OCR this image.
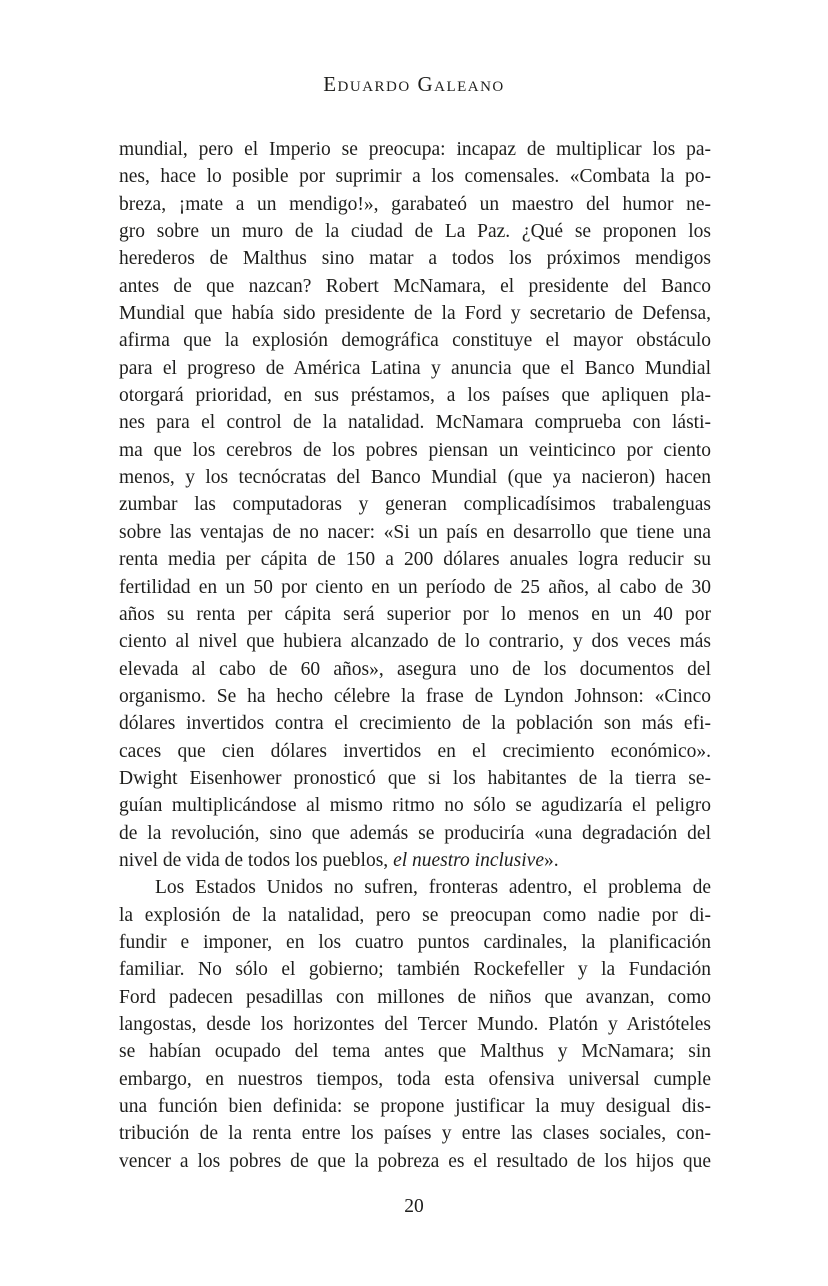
Eduardo Galeano
mundial, pero el Imperio se preocupa: incapaz de multiplicar los pa-
nes, hace lo posible por suprimir a los comensales. «Combata la po-
breza, ¡mate a un mendigo!», garabateó un maestro del humor ne-
gro sobre un muro de la ciudad de La Paz. ¿Qué se proponen los
herederos de Malthus sino matar a todos los próximos mendigos
antes de que nazcan? Robert McNamara, el presidente del Banco
Mundial que había sido presidente de la Ford y secretario de Defensa,
afirma que la explosión demográfica constituye el mayor obstáculo
para el progreso de América Latina y anuncia que el Banco Mundial
otorgará prioridad, en sus préstamos, a los países que apliquen pla-
nes para el control de la natalidad. McNamara comprueba con lásti-
ma que los cerebros de los pobres piensan un veinticinco por ciento
menos, y los tecnócratas del Banco Mundial (que ya nacieron) hacen
zumbar las computadoras y generan complicadísimos trabalenguas
sobre las ventajas de no nacer: «Si un país en desarrollo que tiene una
renta media per cápita de 150 a 200 dólares anuales logra reducir su
fertilidad en un 50 por ciento en un período de 25 años, al cabo de 30
años su renta per cápita será superior por lo menos en un 40 por
ciento al nivel que hubiera alcanzado de lo contrario, y dos veces más
elevada al cabo de 60 años», asegura uno de los documentos del
organismo. Se ha hecho célebre la frase de Lyndon Johnson: «Cinco
dólares invertidos contra el crecimiento de la población son más efi-
caces que cien dólares invertidos en el crecimiento económico».
Dwight Eisenhower pronosticó que si los habitantes de la tierra se-
guían multiplicándose al mismo ritmo no sólo se agudizaría el peligro
de la revolución, sino que además se produciría «una degradación del
nivel de vida de todos los pueblos, el nuestro inclusive».
Los Estados Unidos no sufren, fronteras adentro, el problema de
la explosión de la natalidad, pero se preocupan como nadie por di-
fundir e imponer, en los cuatro puntos cardinales, la planificación
familiar. No sólo el gobierno; también Rockefeller y la Fundación
Ford padecen pesadillas con millones de niños que avanzan, como
langostas, desde los horizontes del Tercer Mundo. Platón y Aristóteles
se habían ocupado del tema antes que Malthus y McNamara; sin
embargo, en nuestros tiempos, toda esta ofensiva universal cumple
una función bien definida: se propone justificar la muy desigual dis-
tribución de la renta entre los países y entre las clases sociales, con-
vencer a los pobres de que la pobreza es el resultado de los hijos que
20
